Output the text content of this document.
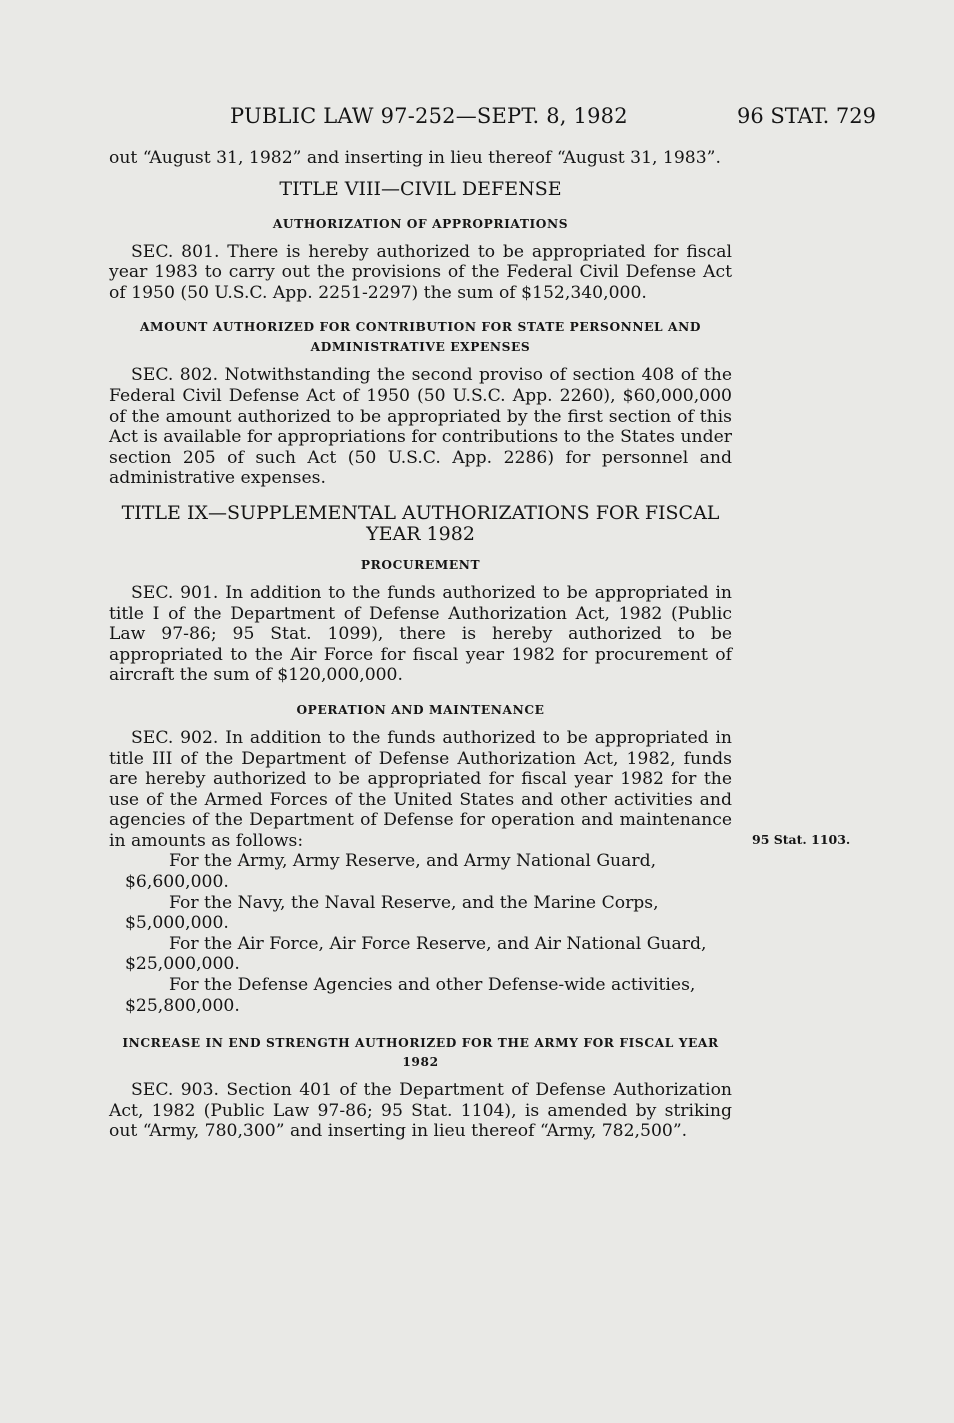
PUBLIC LAW 97-252—SEPT. 8, 1982	96 STAT. 729

out “August 31, 1982” and inserting in lieu thereof “August 31, 1983”.

TITLE VIII—CIVIL DEFENSE
AUTHORIZATION OF APPROPRIATIONS

SEC. 801. There is hereby authorized to be appropriated for fiscal year 1983 to carry out the provisions of the Federal Civil Defense Act of 1950 (50 U.S.C. App. 2251-2297) the sum of $152,340,000.

AMOUNT AUTHORIZED FOR CONTRIBUTION FOR STATE PERSONNEL AND ADMINISTRATIVE EXPENSES

SEC. 802. Notwithstanding the second proviso of section 408 of the Federal Civil Defense Act of 1950 (50 U.S.C. App. 2260), $60,000,000 of the amount authorized to be appropriated by the first section of this Act is available for appropriations for contributions to the States under section 205 of such Act (50 U.S.C. App. 2286) for personnel and administrative expenses.

TITLE IX—SUPPLEMENTAL AUTHORIZATIONS FOR FISCAL YEAR 1982
PROCUREMENT

SEC. 901. In addition to the funds authorized to be appropriated in title I of the Department of Defense Authorization Act, 1982 (Public Law 97-86; 95 Stat. 1099), there is hereby authorized to be appropriated to the Air Force for fiscal year 1982 for procurement of aircraft the sum of $120,000,000.

OPERATION AND MAINTENANCE

SEC. 902. In addition to the funds authorized to be appropriated in title III of the Department of Defense Authorization Act, 1982, funds are hereby authorized to be appropriated for fiscal year 1982 for the use of the Armed Forces of the United States and other activities and agencies of the Department of Defense for operation and maintenance in amounts as follows:

For the Army, Army Reserve, and Army National Guard,
$6,600,000.

For the Navy, the Naval Reserve, and the Marine Corps,
$5,000,000.

For the Air Force, Air Force Reserve, and Air National Guard,
$25,000,000.

For the Defense Agencies and other Defense-wide activities,
$25,800,000.

INCREASE IN END STRENGTH AUTHORIZED FOR THE ARMY FOR FISCAL YEAR 1982

SEC. 903. Section 401 of the Department of Defense Authorization Act, 1982 (Public Law 97-86; 95 Stat. 1104), is amended by striking out “Army, 780,300” and inserting in lieu thereof “Army, 782,500”.

95 Stat. 1103.
